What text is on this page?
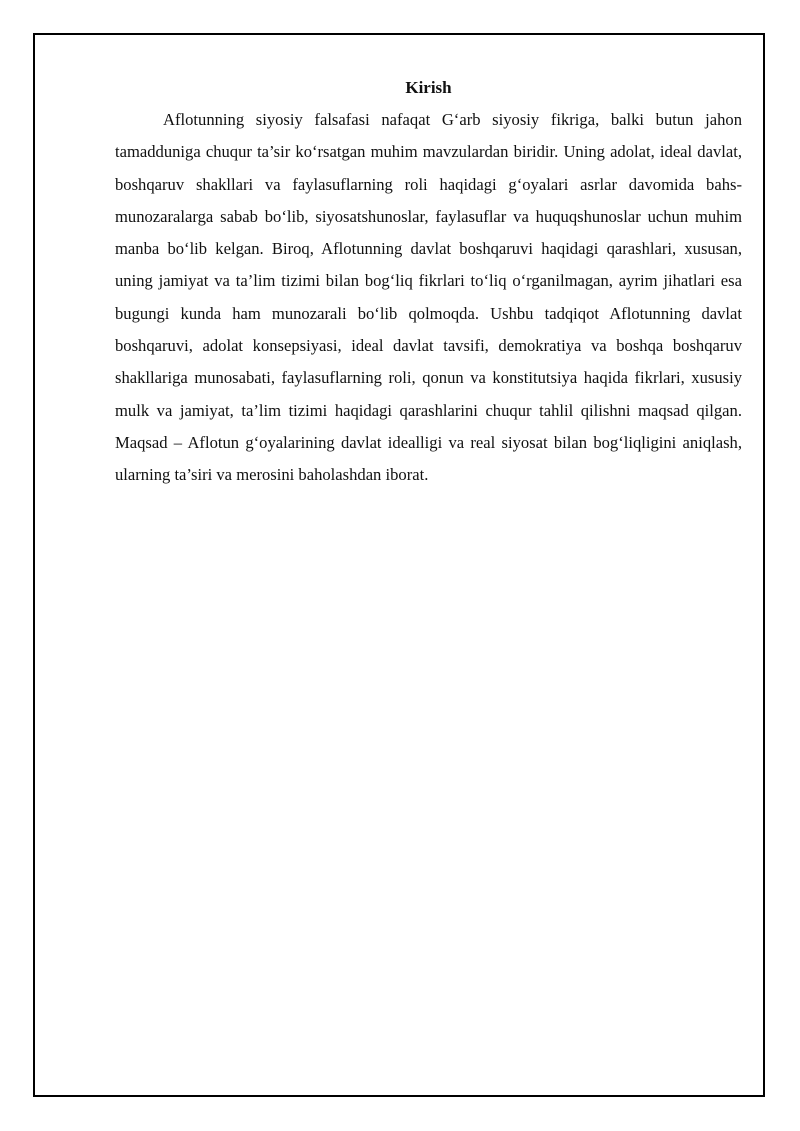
Kirish

Aflotunning siyosiy falsafasi nafaqat G‘arb siyosiy fikriga, balki butun jahon tamadduniga chuqur ta’sir ko‘rsatgan muhim mavzulardan biridir. Uning adolat, ideal davlat, boshqaruv shakllari va faylasuflarning roli haqidagi g‘oyalari asrlar davomida bahs-munozaralarga sabab bo‘lib, siyosatshunoslar, faylasuflar va huquqshunoslar uchun muhim manba bo‘lib kelgan. Biroq, Aflotunning davlat boshqaruvi haqidagi qarashlari, xususan, uning jamiyat va ta’lim tizimi bilan bog‘liq fikrlari to‘liq o‘rganilmagan, ayrim jihatlari esa bugungi kunda ham munozarali bo‘lib qolmoqda. Ushbu tadqiqot Aflotunning davlat boshqaruvi, adolat konsepsiyasi, ideal davlat tavsifi, demokratiya va boshqa boshqaruv shakllariga munosabati, faylasuflarning roli, qonun va konstitutsiya haqida fikrlari, xususiy mulk va jamiyat, ta’lim tizimi haqidagi qarashlarini chuqur tahlil qilishni maqsad qilgan. Maqsad – Aflotun g‘oyalarining davlat idealligi va real siyosat bilan bog‘liqligini aniqlash, ularning ta’siri va merosini baholashdan iborat.
